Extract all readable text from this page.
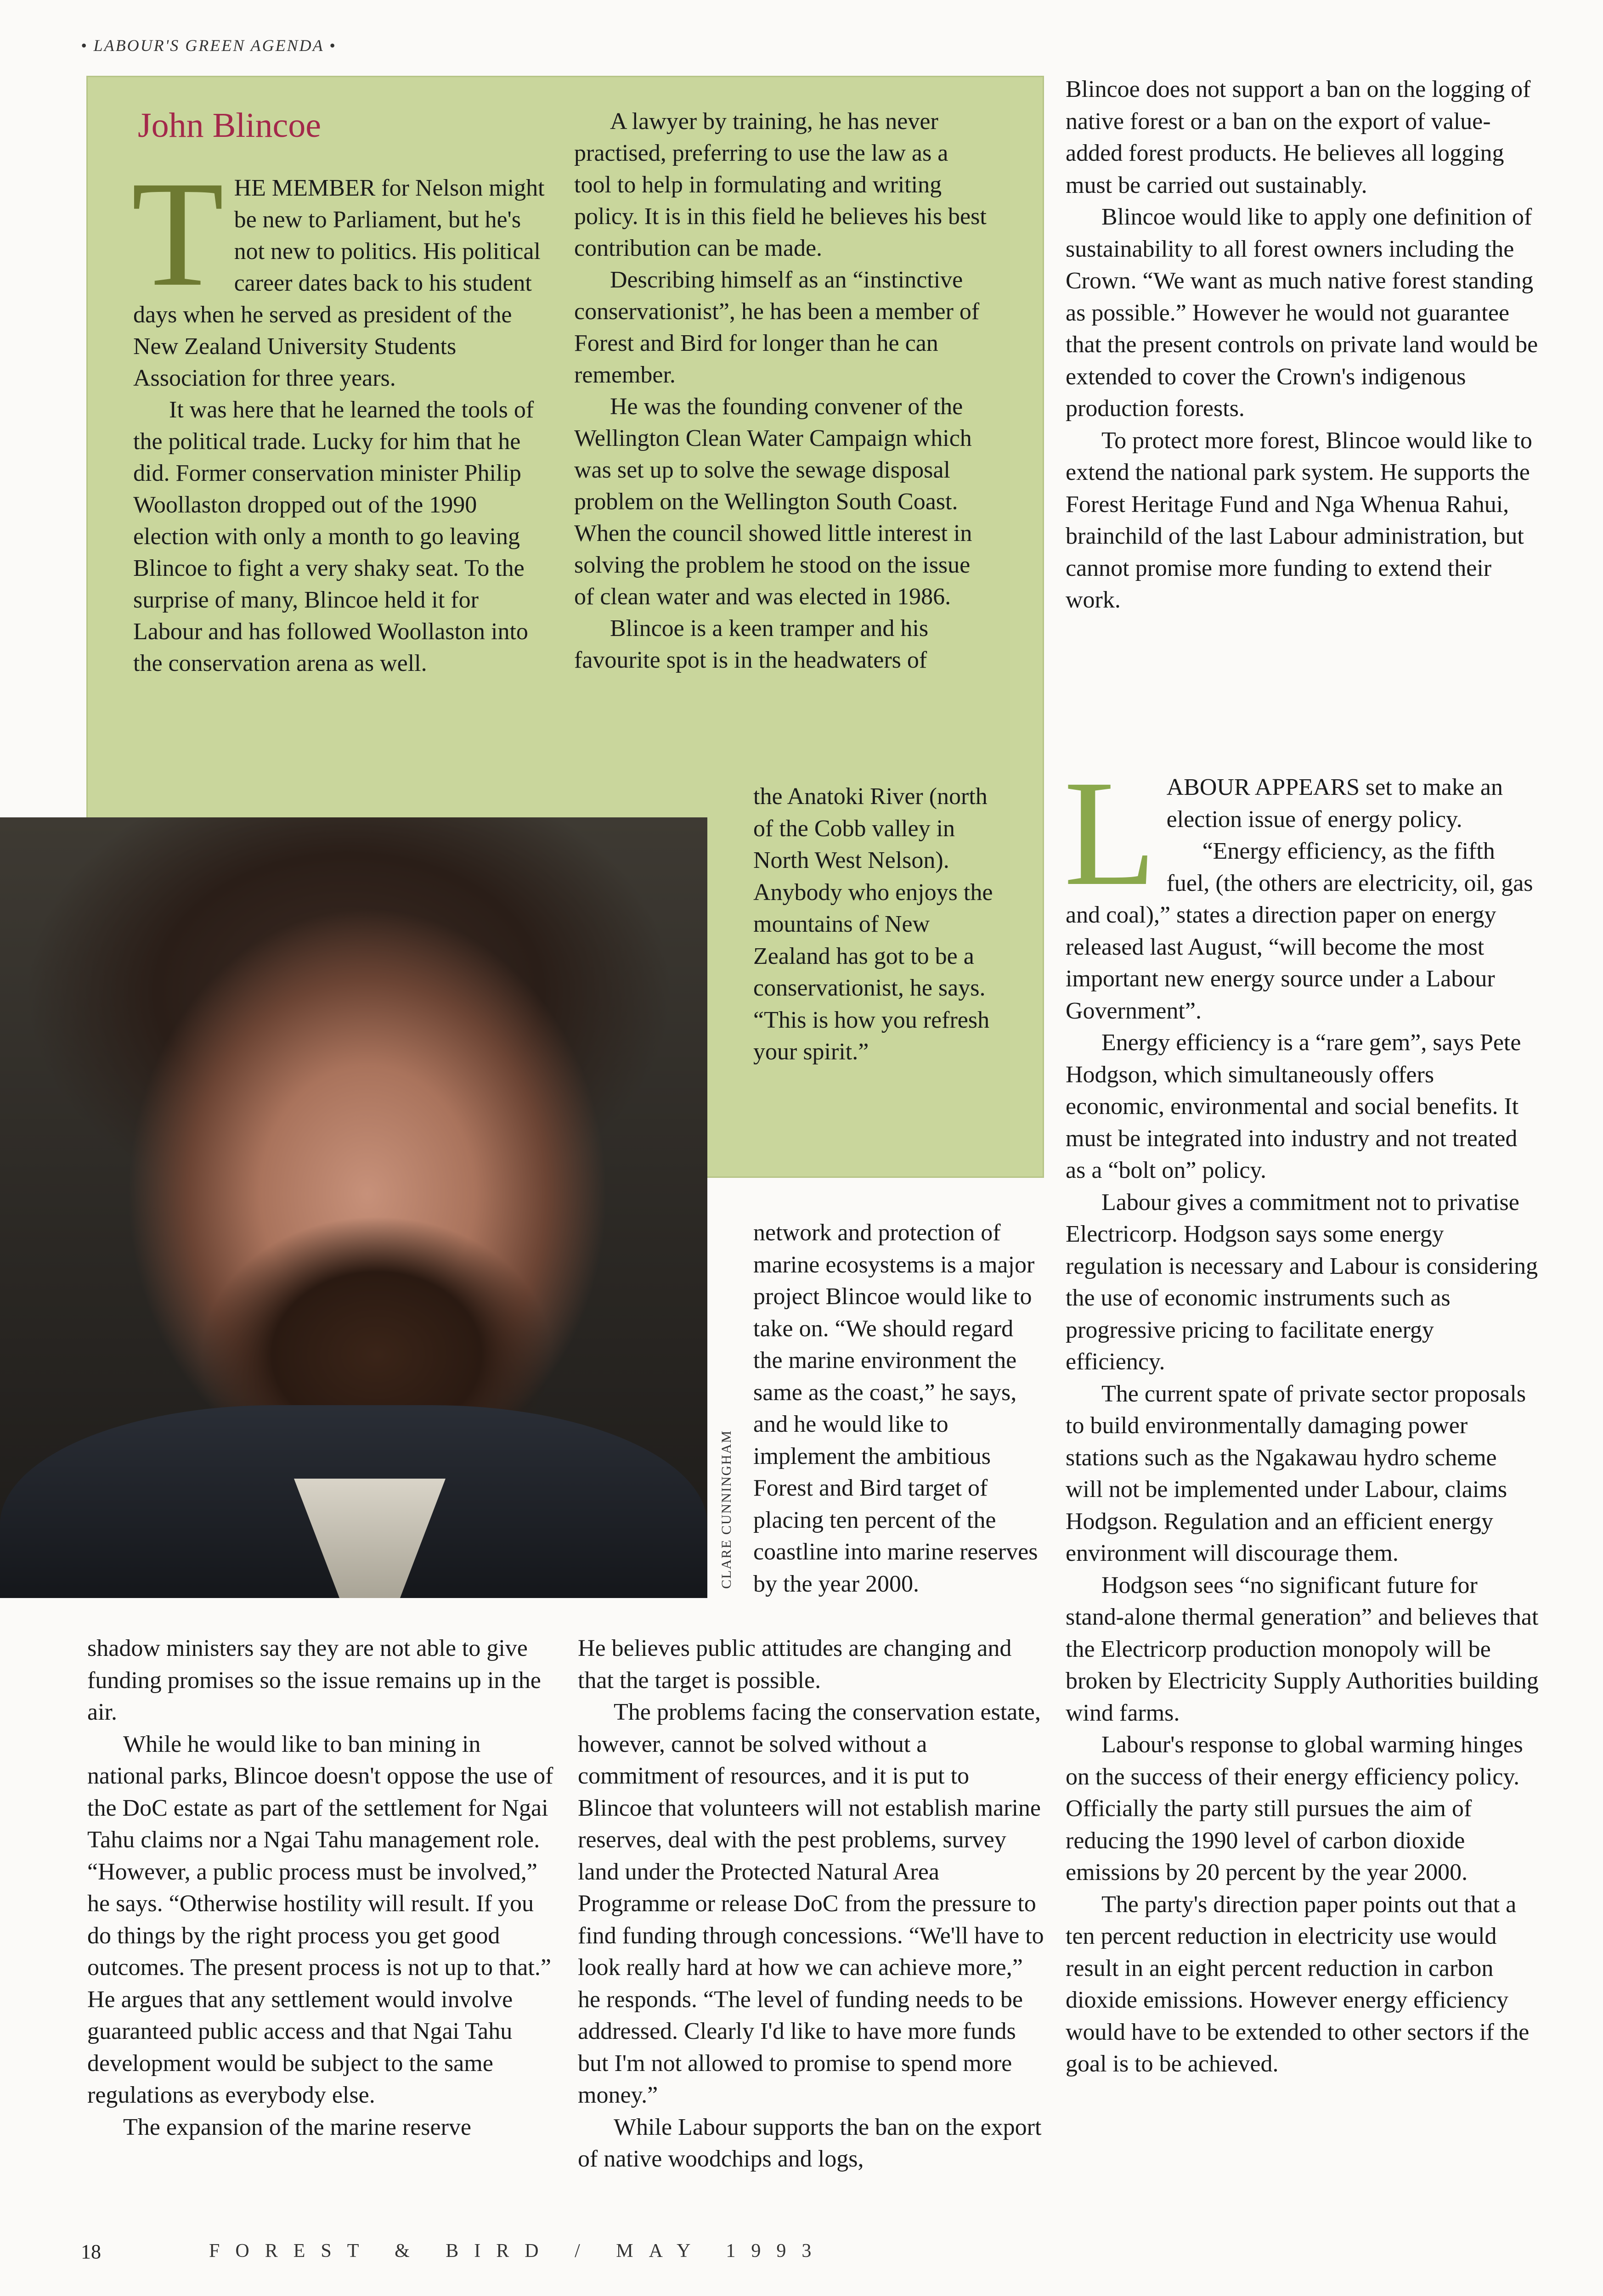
• LABOUR'S GREEN AGENDA •
John Blincoe
T HE MEMBER for Nelson might be new to Parliament, but he's not new to politics. His political career dates back to his student days when he served as president of the New Zealand University Students Association for three years.

It was here that he learned the tools of the political trade. Lucky for him that he did. Former conservation minister Philip Woollaston dropped out of the 1990 election with only a month to go leaving Blincoe to fight a very shaky seat. To the surprise of many, Blincoe held it for Labour and has followed Woollaston into the conservation arena as well.

A lawyer by training, he has never practised, preferring to use the law as a tool to help in formulating and writing policy. It is in this field he believes his best contribution can be made.

Describing himself as an “instinctive conservationist”, he has been a member of Forest and Bird for longer than he can remember.

He was the founding convener of the Wellington Clean Water Campaign which was set up to solve the sewage disposal problem on the Wellington South Coast. When the council showed little interest in solving the problem he stood on the issue of clean water and was elected in 1986.

Blincoe is a keen tramper and his favourite spot is in the headwaters of

the Anatoki River (north of the Cobb valley in North West Nelson). Anybody who enjoys the mountains of New Zealand has got to be a conservationist, he says. “This is how you refresh your spirit.”

CLARE CUNNINGHAM

network and protection of marine ecosystems is a major project Blincoe would like to take on. “We should regard the marine environment the same as the coast,” he says, and he would like to implement the ambitious Forest and Bird target of placing ten percent of the coastline into marine reserves by the year 2000.

shadow ministers say they are not able to give funding promises so the issue remains up in the air.

While he would like to ban mining in national parks, Blincoe doesn't oppose the use of the DoC estate as part of the settlement for Ngai Tahu claims nor a Ngai Tahu management role. “However, a public process must be involved,” he says. “Otherwise hostility will result. If you do things by the right process you get good outcomes. The present process is not up to that.” He argues that any settlement would involve guaranteed public access and that Ngai Tahu development would be subject to the same regulations as everybody else.

The expansion of the marine reserve

He believes public attitudes are changing and that the target is possible.

The problems facing the conservation estate, however, cannot be solved without a commitment of resources, and it is put to Blincoe that volunteers will not establish marine reserves, deal with the pest problems, survey land under the Protected Natural Area Programme or release DoC from the pressure to find funding through concessions. “We'll have to look really hard at how we can achieve more,” he responds. “The level of funding needs to be addressed. Clearly I'd like to have more funds but I'm not allowed to promise to spend more money.”

While Labour supports the ban on the export of native woodchips and logs,

Blincoe does not support a ban on the logging of native forest or a ban on the export of value-added forest products. He believes all logging must be carried out sustainably.

Blincoe would like to apply one definition of sustainability to all forest owners including the Crown. “We want as much native forest standing as possible.” However he would not guarantee that the present controls on private land would be extended to cover the Crown's indigenous production forests.

To protect more forest, Blincoe would like to extend the national park system. He supports the Forest Heritage Fund and Nga Whenua Rahui, brainchild of the last Labour administration, but cannot promise more funding to extend their work.

L ABOUR APPEARS set to make an election issue of energy policy.

“Energy efficiency, as the fifth fuel, (the others are electricity, oil, gas and coal),” states a direction paper on energy released last August, “will become the most important new energy source under a Labour Government”.

Energy efficiency is a “rare gem”, says Pete Hodgson, which simultaneously offers economic, environmental and social benefits. It must be integrated into industry and not treated as a “bolt on” policy.

Labour gives a commitment not to privatise Electricorp. Hodgson says some energy regulation is necessary and Labour is considering the use of economic instruments such as progressive pricing to facilitate energy efficiency.

The current spate of private sector proposals to build environmentally damaging power stations such as the Ngakawau hydro scheme will not be implemented under Labour, claims Hodgson. Regulation and an efficient energy environment will discourage them.

Hodgson sees “no significant future for stand-alone thermal generation” and believes that the Electricorp production monopoly will be broken by Electricity Supply Authorities building wind farms.

Labour's response to global warming hinges on the success of their energy efficiency policy. Officially the party still pursues the aim of reducing the 1990 level of carbon dioxide emissions by 20 percent by the year 2000.

The party's direction paper points out that a ten percent reduction in electricity use would result in an eight percent reduction in carbon dioxide emissions. However energy efficiency would have to be extended to other sectors if the goal is to be achieved.

18	FOREST & BIRD / MAY 1993
